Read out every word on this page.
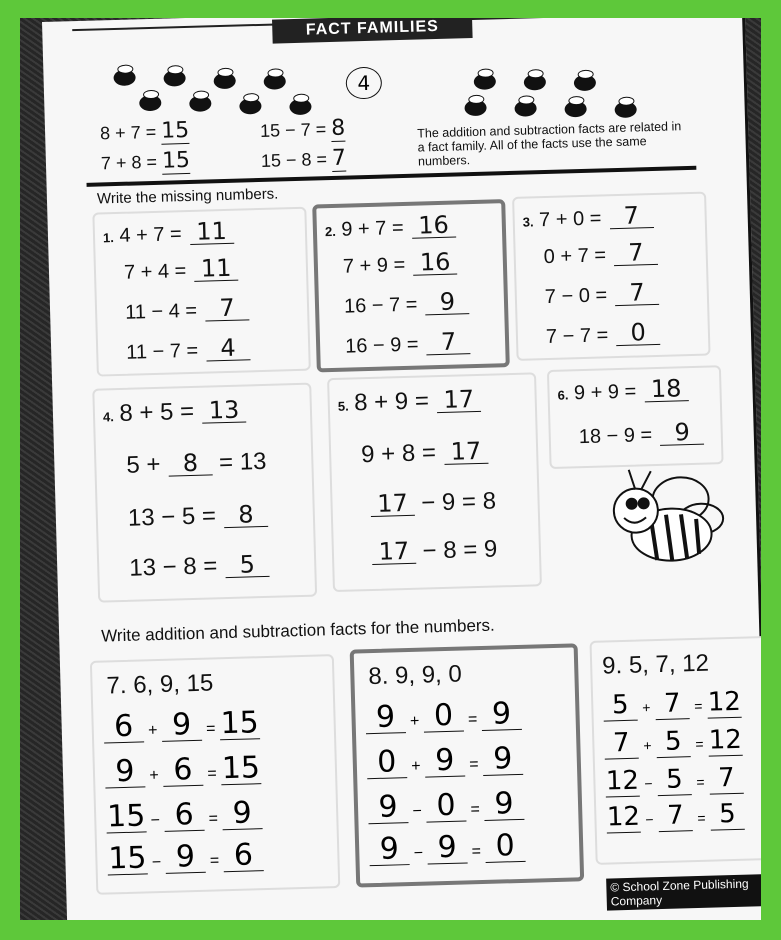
FACT FAMILIES
4
8 + 7 = 15
7 + 8 = 15
15 − 7 = 8
15 − 8 = 7
The addition and subtraction facts are related in a fact family. All of the facts use the same numbers.
Write the missing numbers.
1. 4 + 7 = 11
7 + 4 = 11
11 − 4 = 7
11 − 7 = 4
2. 9 + 7 = 16
7 + 9 = 16
16 − 7 = 9
16 − 9 = 7
3. 7 + 0 = 7
0 + 7 = 7
7 − 0 = 7
7 − 7 = 0
4. 8 + 5 = 13
5 + 8 = 13
13 − 5 = 8
13 − 8 = 5
5. 8 + 9 = 17
9 + 8 = 17
17 − 9 = 8
17 − 8 = 9
6. 9 + 9 = 18
18 − 9 = 9
Write addition and subtraction facts for the numbers.
7. 6, 9, 15
6 + 9 = 15
9 + 6 = 15
15 − 6 = 9
15 − 9 = 6
8. 9, 9, 0
9 + 0 = 9
0 + 9 = 9
9 − 0 = 9
9 − 9 = 0
9. 5, 7, 12
5 + 7 = 12
7 + 5 = 12
12 − 5 = 7
12 − 7 = 5
© School Zone Publishing Company
